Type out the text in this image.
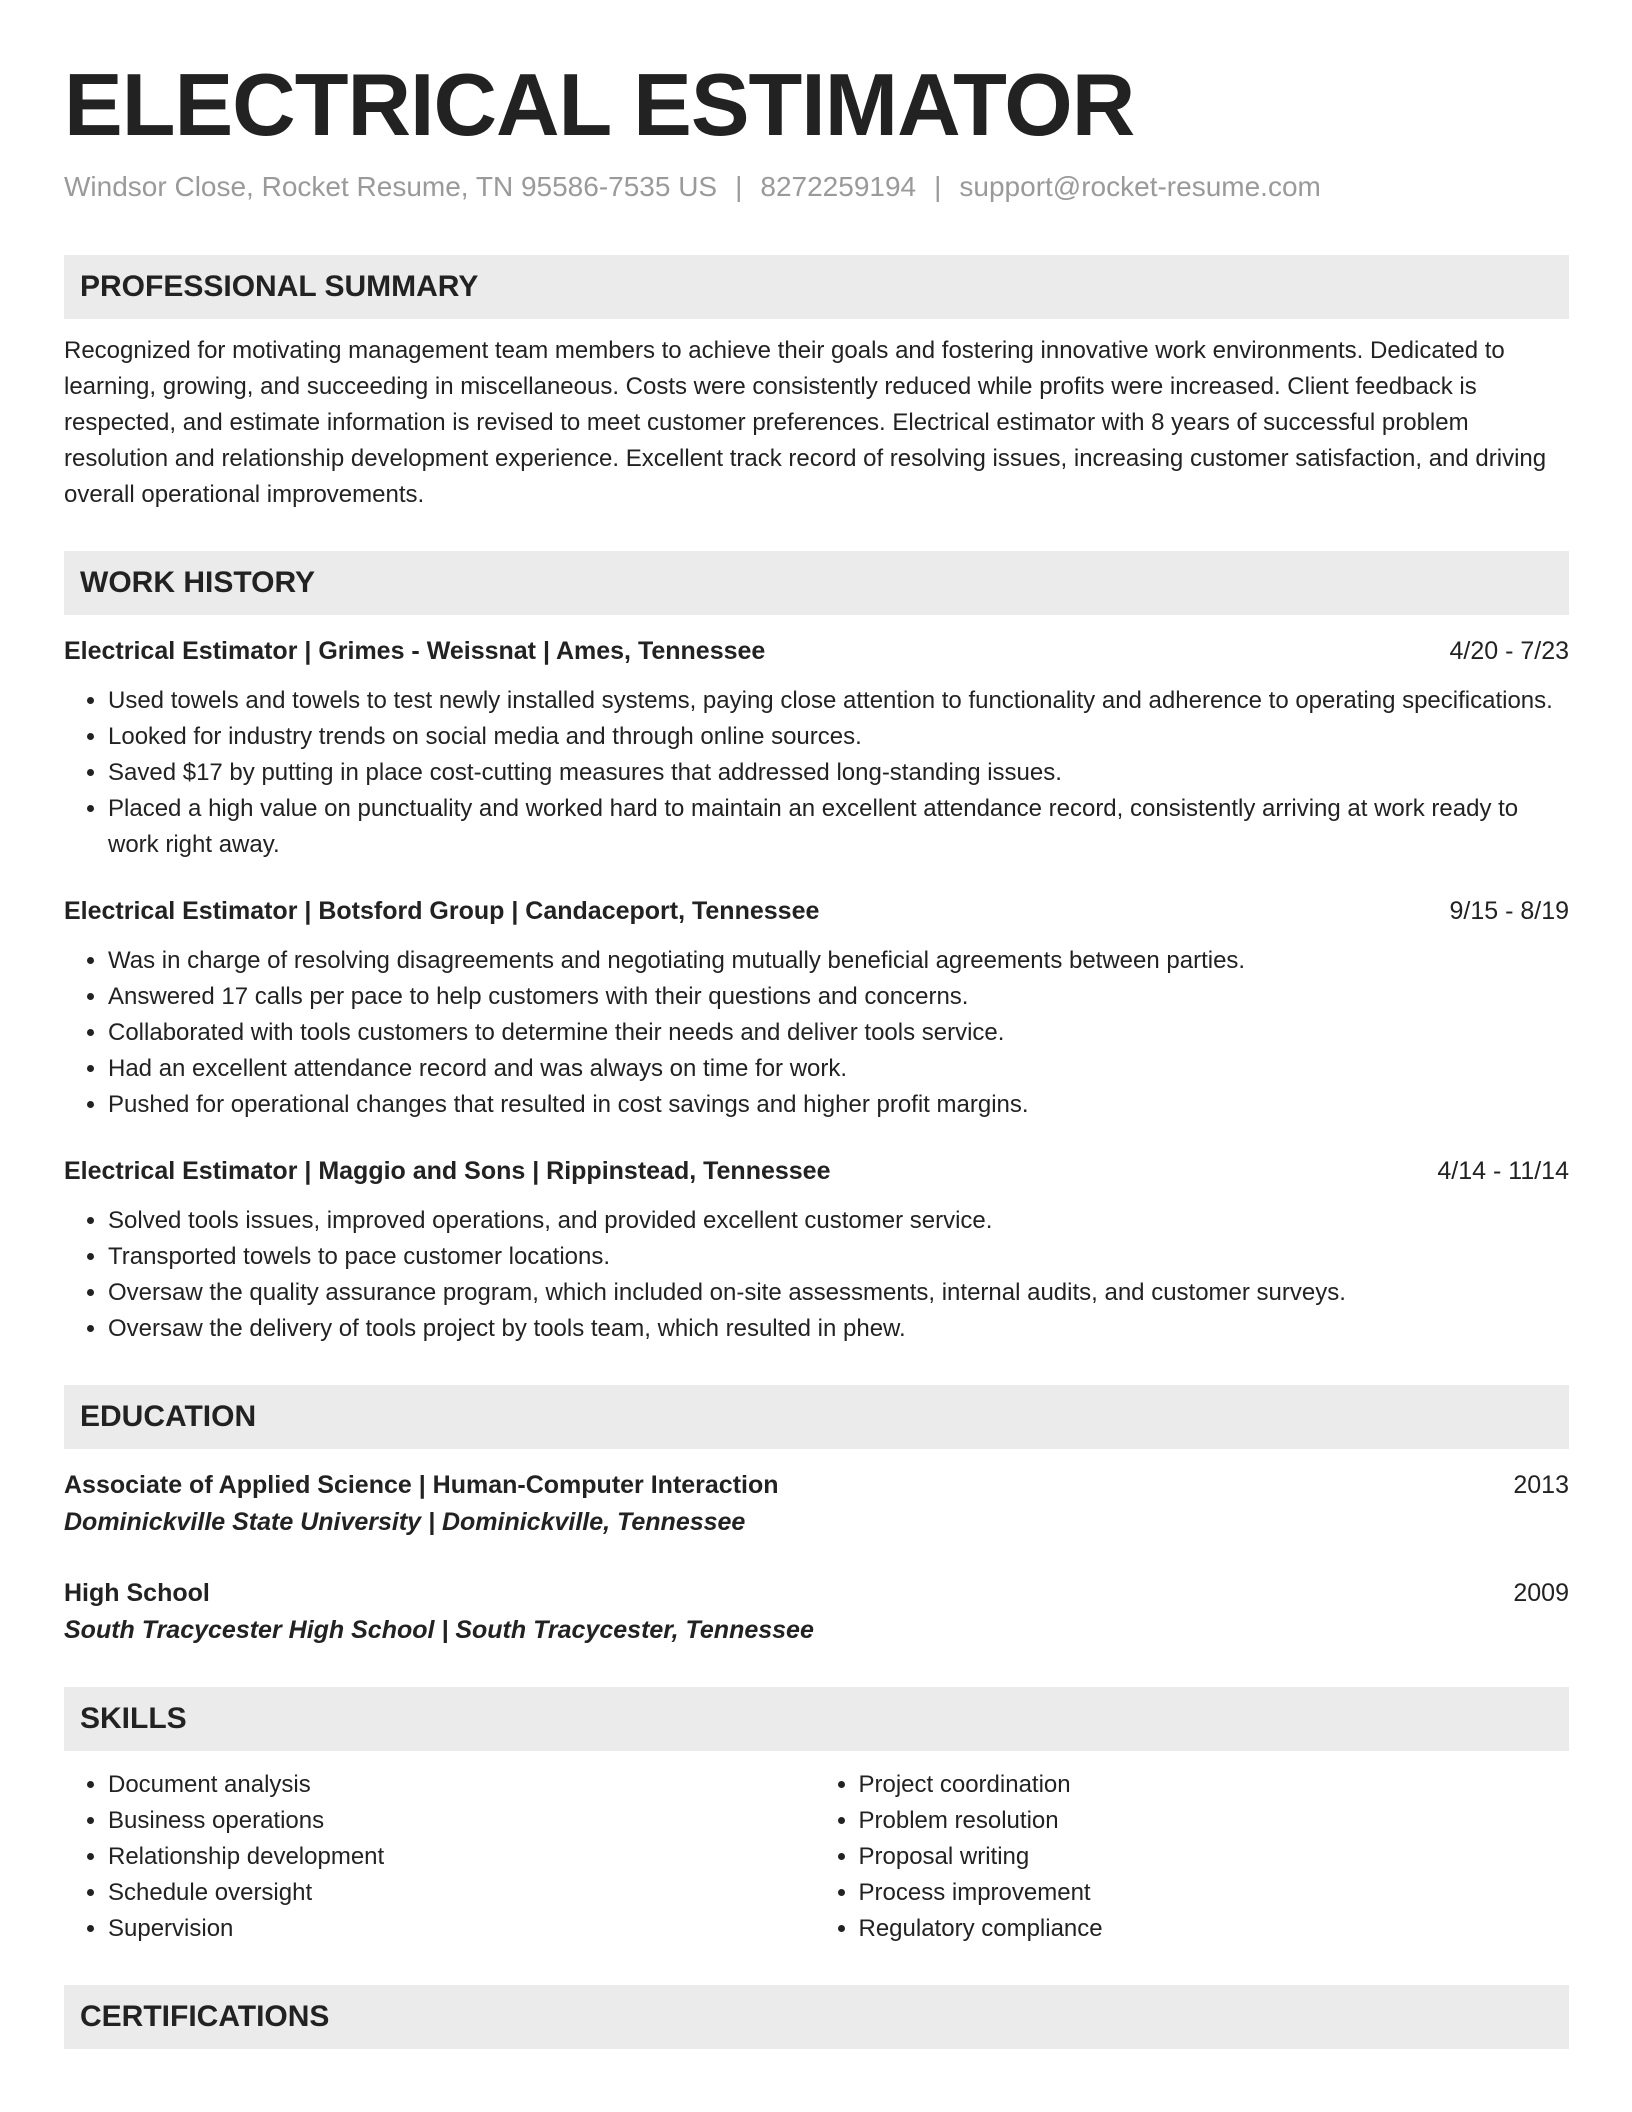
ELECTRICAL ESTIMATOR
Windsor Close, Rocket Resume, TN 95586-7535 US | 8272259194 | support@rocket-resume.com
PROFESSIONAL SUMMARY
Recognized for motivating management team members to achieve their goals and fostering innovative work environments. Dedicated to learning, growing, and succeeding in miscellaneous. Costs were consistently reduced while profits were increased. Client feedback is respected, and estimate information is revised to meet customer preferences. Electrical estimator with 8 years of successful problem resolution and relationship development experience. Excellent track record of resolving issues, increasing customer satisfaction, and driving overall operational improvements.
WORK HISTORY
Electrical Estimator | Grimes - Weissnat | Ames, Tennessee	4/20 - 7/23
• Used towels and towels to test newly installed systems, paying close attention to functionality and adherence to operating specifications.
• Looked for industry trends on social media and through online sources.
• Saved $17 by putting in place cost-cutting measures that addressed long-standing issues.
• Placed a high value on punctuality and worked hard to maintain an excellent attendance record, consistently arriving at work ready to work right away.
Electrical Estimator | Botsford Group | Candaceport, Tennessee	9/15 - 8/19
• Was in charge of resolving disagreements and negotiating mutually beneficial agreements between parties.
• Answered 17 calls per pace to help customers with their questions and concerns.
• Collaborated with tools customers to determine their needs and deliver tools service.
• Had an excellent attendance record and was always on time for work.
• Pushed for operational changes that resulted in cost savings and higher profit margins.
Electrical Estimator | Maggio and Sons | Rippinstead, Tennessee	4/14 - 11/14
• Solved tools issues, improved operations, and provided excellent customer service.
• Transported towels to pace customer locations.
• Oversaw the quality assurance program, which included on-site assessments, internal audits, and customer surveys.
• Oversaw the delivery of tools project by tools team, which resulted in phew.
EDUCATION
Associate of Applied Science | Human-Computer Interaction	2013
Dominickville State University | Dominickville, Tennessee
High School	2009
South Tracycester High School | South Tracycester, Tennessee
SKILLS
• Document analysis
• Business operations
• Relationship development
• Schedule oversight
• Supervision
• Project coordination
• Problem resolution
• Proposal writing
• Process improvement
• Regulatory compliance
CERTIFICATIONS
